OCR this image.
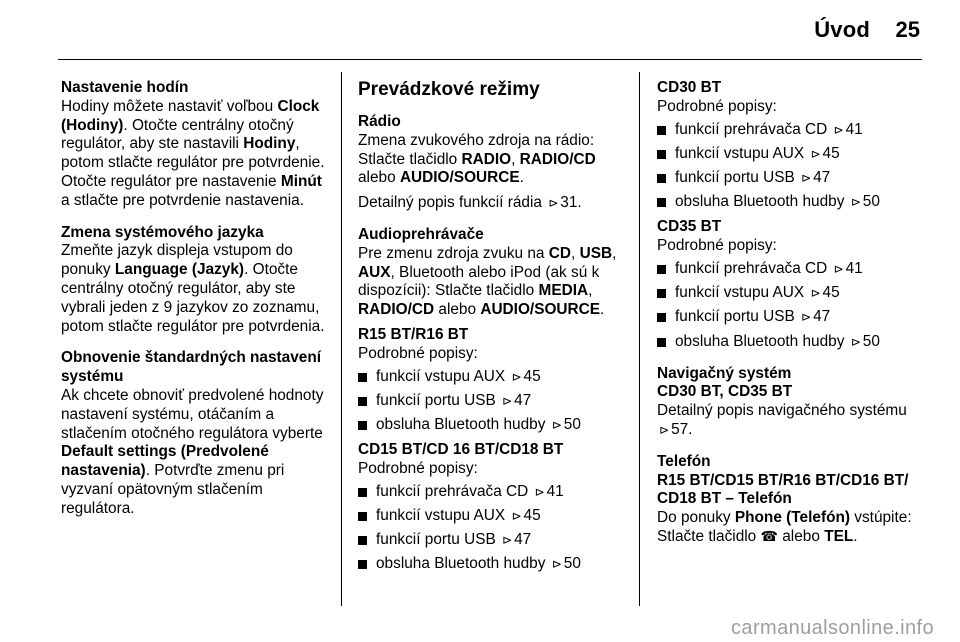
Úvod 25

Nastavenie hodín

Hodiny môžete nastaviť voľbou Clock (Hodiny). Otočte centrálny otočný regulátor, aby ste nastavili Hodiny, potom stlačte regulátor pre potvrdenie. Otočte regulátor pre nastavenie Minút a stlačte pre potvrdenie nastavenia.

Zmena systémového jazyka

Zmeňte jazyk displeja vstupom do ponuky Language (Jazyk). Otočte centrálny otočný regulátor, aby ste vybrali jeden z 9 jazykov zo zoznamu, potom stlačte regulátor pre potvrdenia.

Obnovenie štandardných nastavení systému

Ak chcete obnoviť predvolené hodnoty nastavení systému, otáčaním a stlačením otočného regulátora vyberte Default settings (Predvolené nastavenia). Potvrďte zmenu pri vyzvaní opätovným stlačením regulátora.

Prevádzkové režimy

Rádio

Zmena zvukového zdroja na rádio: Stlačte tlačidlo RADIO, RADIO/CD alebo AUDIO/SOURCE.

Detailný popis funkcií rádia ⊳ 31.

Audioprehrávače

Pre zmenu zdroja zvuku na CD, USB, AUX, Bluetooth alebo iPod (ak sú k dispozícii): Stlačte tlačidlo MEDIA, RADIO/CD alebo AUDIO/SOURCE.

R15 BT/R16 BT

Podrobné popisy:

funkcií vstupu AUX ⊳ 45
funkcií portu USB ⊳ 47
obsluha Bluetooth hudby ⊳ 50

CD15 BT/CD 16 BT/CD18 BT

Podrobné popisy:

funkcií prehrávača CD ⊳ 41
funkcií vstupu AUX ⊳ 45
funkcií portu USB ⊳ 47
obsluha Bluetooth hudby ⊳ 50

CD30 BT

Podrobné popisy:

funkcií prehrávača CD ⊳ 41
funkcií vstupu AUX ⊳ 45
funkcií portu USB ⊳ 47
obsluha Bluetooth hudby ⊳ 50

CD35 BT

Podrobné popisy:

funkcií prehrávača CD ⊳ 41
funkcií vstupu AUX ⊳ 45
funkcií portu USB ⊳ 47
obsluha Bluetooth hudby ⊳ 50

Navigačný systém

CD30 BT, CD35 BT

Detailný popis navigačného systému ⊳ 57.

Telefón

R15 BT/CD15 BT/R16 BT/CD16 BT/ CD18 BT – Telefón

Do ponuky Phone (Telefón) vstúpite: Stlačte tlačidlo ☎ alebo TEL.

carmanualsonline.info
